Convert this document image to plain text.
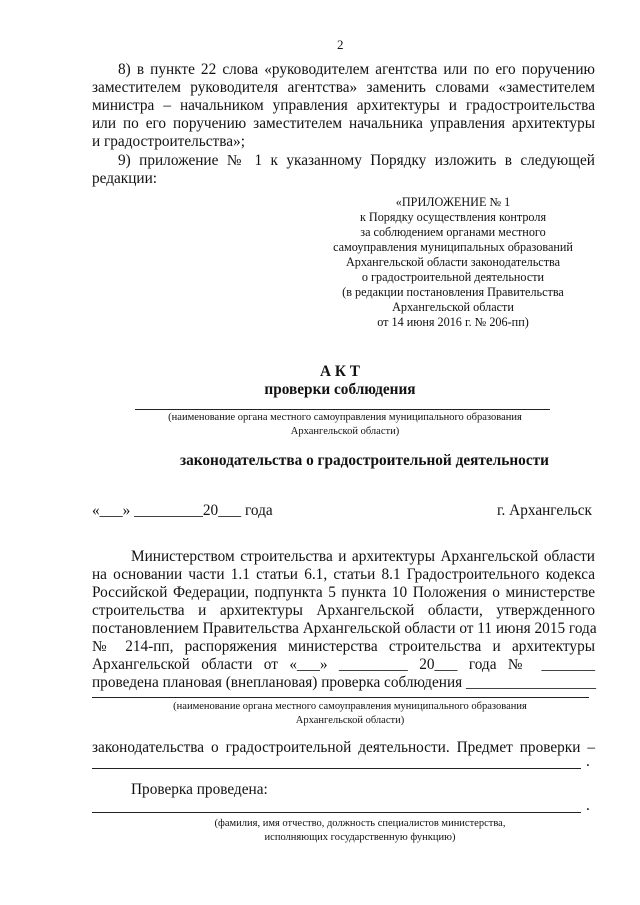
2
8) в пункте 22 слова «руководителем агентства или по его поручению
заместителем руководителя агентства» заменить словами «заместителем
министра – начальником управления архитектуры и градостроительства
или по его поручению заместителем начальника управления архитектуры
и градостроительства»;
9) приложение № 1 к указанному Порядку изложить в следующей
редакции:
«ПРИЛОЖЕНИЕ № 1
к Порядку осуществления контроля
за соблюдением органами местного
самоуправления муниципальных образований
Архангельской области законодательства
о градостроительной деятельности
(в редакции постановления Правительства
Архангельской области
от 14 июня 2016 г. № 206-пп)
А К Т
проверки соблюдения
(наименование органа местного самоуправления муниципального образования
Архангельской области)
законодательства о градостроительной деятельности
«___» _________20___ года	г. Архангельск
Министерством строительства и архитектуры Архангельской области
на основании части 1.1 статьи 6.1, статьи 8.1 Градостроительного кодекса
Российской Федерации, подпункта 5 пункта 10 Положения о министерстве
строительства и архитектуры Архангельской области, утвержденного
постановлением Правительства Архангельской области от 11 июня 2015 года
№ 214-пп, распоряжения министерства строительства и архитектуры
Архангельской области от «___» _________ 20___ года № _______
проведена плановая (внеплановая) проверка соблюдения _________________
(наименование органа местного самоуправления муниципального образования
Архангельской области)
законодательства о градостроительной деятельности. Предмет проверки –
.
Проверка проведена:
.
(фамилия, имя отчество, должность специалистов министерства,
исполняющих государственную функцию)
